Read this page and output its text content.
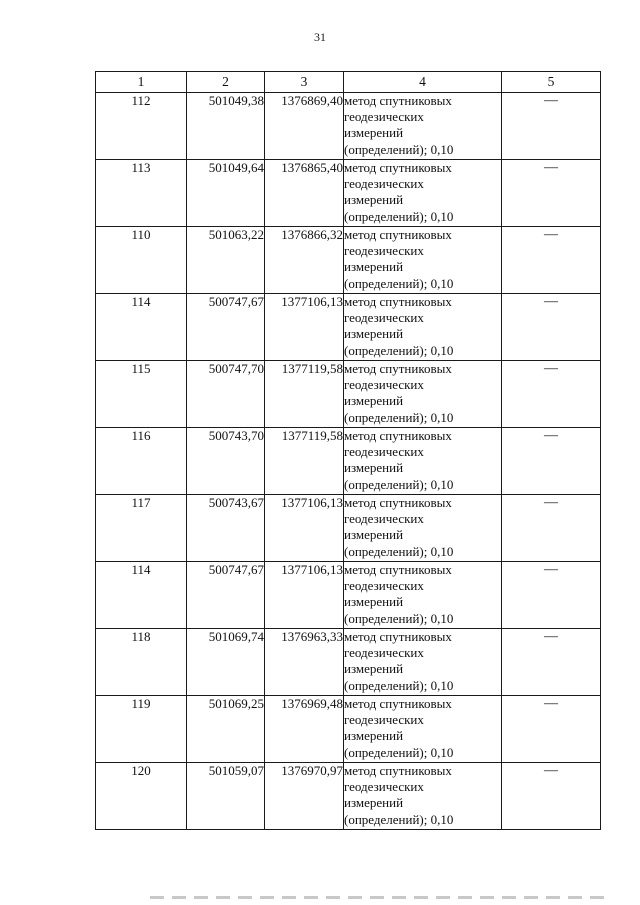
31
1	2	3	4	5
112	501049,38	1376869,40	метод спутниковых
геодезических
измерений
(определений); 0,10	—
113	501049,64	1376865,40	метод спутниковых
геодезических
измерений
(определений); 0,10	—
110	501063,22	1376866,32	метод спутниковых
геодезических
измерений
(определений); 0,10	—
114	500747,67	1377106,13	метод спутниковых
геодезических
измерений
(определений); 0,10	—
115	500747,70	1377119,58	метод спутниковых
геодезических
измерений
(определений); 0,10	—
116	500743,70	1377119,58	метод спутниковых
геодезических
измерений
(определений); 0,10	—
117	500743,67	1377106,13	метод спутниковых
геодезических
измерений
(определений); 0,10	—
114	500747,67	1377106,13	метод спутниковых
геодезических
измерений
(определений); 0,10	—
118	501069,74	1376963,33	метод спутниковых
геодезических
измерений
(определений); 0,10	—
119	501069,25	1376969,48	метод спутниковых
геодезических
измерений
(определений); 0,10	—
120	501059,07	1376970,97	метод спутниковых
геодезических
измерений
(определений); 0,10	—
